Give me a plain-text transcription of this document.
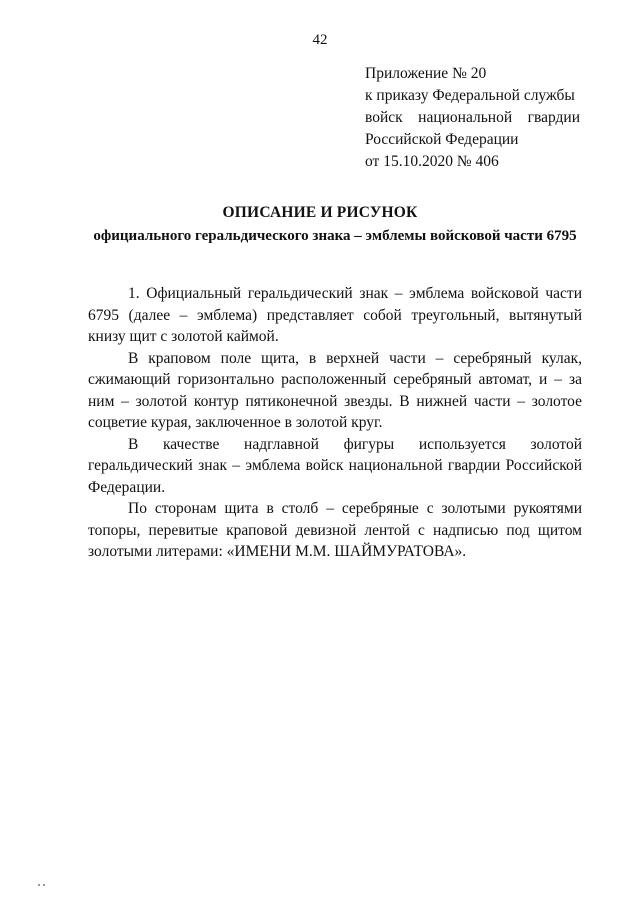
42
Приложение № 20
к приказу Федеральной службы
войск национальной гвардии
Российской Федерации
от 15.10.2020 № 406
ОПИСАНИЕ И РИСУНОК
официального геральдического знака – эмблемы войсковой части 6795

1. Официальный геральдический знак – эмблема войсковой части 6795 (далее – эмблема) представляет собой треугольный, вытянутый книзу щит с золотой каймой.

В краповом поле щита, в верхней части – серебряный кулак, сжимающий горизонтально расположенный серебряный автомат, и – за ним – золотой контур пятиконечной звезды. В нижней части – золотое соцветие курая, заключенное в золотой круг.

В качестве надглавной фигуры используется золотой геральдический знак – эмблема войск национальной гвардии Российской Федерации.

По сторонам щита в столб – серебряные с золотыми рукоятями топоры, перевитые краповой девизной лентой с надписью под щитом золотыми литерами: «ИМЕНИ М.М. ШАЙМУРАТОВА».
